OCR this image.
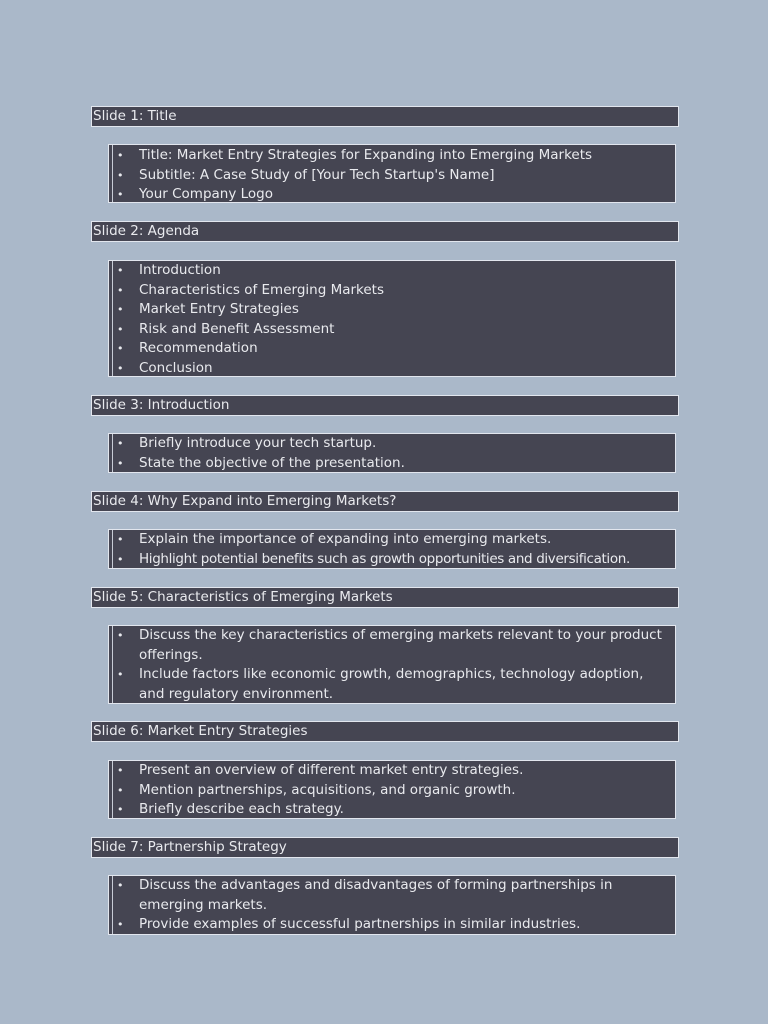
Slide 1: Title
• Title: Market Entry Strategies for Expanding into Emerging Markets
• Subtitle: A Case Study of [Your Tech Startup's Name]
• Your Company Logo
Slide 2: Agenda
• Introduction
• Characteristics of Emerging Markets
• Market Entry Strategies
• Risk and Benefit Assessment
• Recommendation
• Conclusion
Slide 3: Introduction
• Briefly introduce your tech startup.
• State the objective of the presentation.
Slide 4: Why Expand into Emerging Markets?
• Explain the importance of expanding into emerging markets.
• Highlight potential benefits such as growth opportunities and diversification.
Slide 5: Characteristics of Emerging Markets
• Discuss the key characteristics of emerging markets relevant to your product offerings.
• Include factors like economic growth, demographics, technology adoption, and regulatory environment.
Slide 6: Market Entry Strategies
• Present an overview of different market entry strategies.
• Mention partnerships, acquisitions, and organic growth.
• Briefly describe each strategy.
Slide 7: Partnership Strategy
• Discuss the advantages and disadvantages of forming partnerships in emerging markets.
• Provide examples of successful partnerships in similar industries.
